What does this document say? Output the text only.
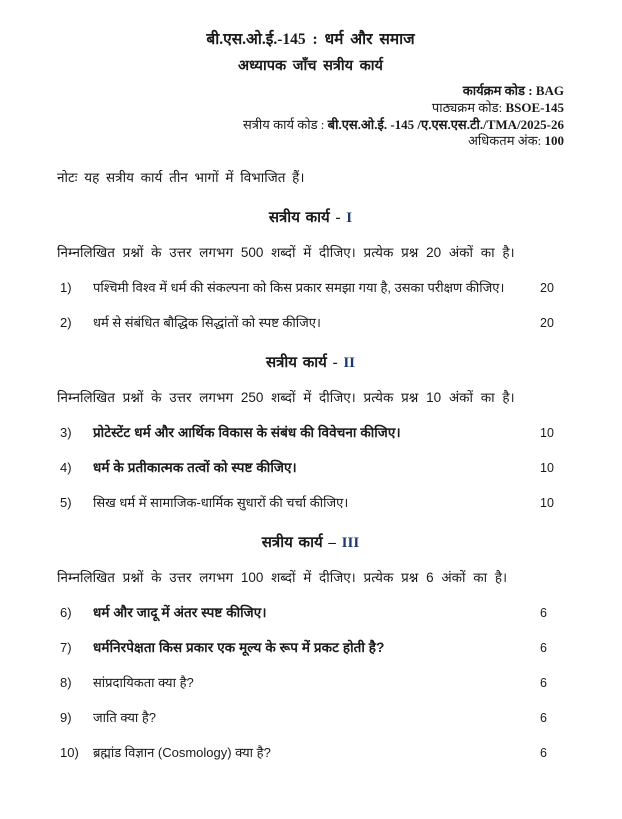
बी.एस.ओ.ई.-145 : धर्म और समाज
अध्यापक जाँच सत्रीय कार्य
कार्यक्रम कोड : BAG
पाठ्यक्रम कोड: BSOE-145
सत्रीय कार्य कोड : बी.एस.ओ.ई. -145 /ए.एस.एस.टी./TMA/2025-26
अधिकतम अंक: 100
नोटः यह सत्रीय कार्य तीन भागों में विभाजित हैं।
सत्रीय कार्य - I
निम्नलिखित प्रश्नों के उत्तर लगभग 500 शब्दों में दीजिए। प्रत्येक प्रश्न 20 अंकों का है।
1)	पश्चिमी विश्व में धर्म की संकल्पना को किस प्रकार समझा गया है, उसका परीक्षण कीजिए।	20
2)	धर्म से संबंधित बौद्धिक सिद्धांतों को स्पष्ट कीजिए।	20
सत्रीय कार्य - II
निम्नलिखित प्रश्नों के उत्तर लगभग 250 शब्दों में दीजिए। प्रत्येक प्रश्न 10 अंकों का है।
3)	प्रोटेस्टेंट धर्म और आर्थिक विकास के संबंध की विवेचना कीजिए।	10
4)	धर्म के प्रतीकात्मक तत्वों को स्पष्ट कीजिए।	10
5)	सिख धर्म में सामाजिक-धार्मिक सुधारों की चर्चा कीजिए।	10
सत्रीय कार्य – III
निम्नलिखित प्रश्नों के उत्तर लगभग 100 शब्दों में दीजिए। प्रत्येक प्रश्न 6 अंकों का है।
6)	धर्म और जादू में अंतर स्पष्ट कीजिए।	6
7)	धर्मनिरपेक्षता किस प्रकार एक मूल्य के रूप में प्रकट होती है?	6
8)	सांप्रदायिकता क्या है?	6
9)	जाति क्या है?	6
10)	ब्रह्मांड विज्ञान (Cosmology) क्या है?	6
